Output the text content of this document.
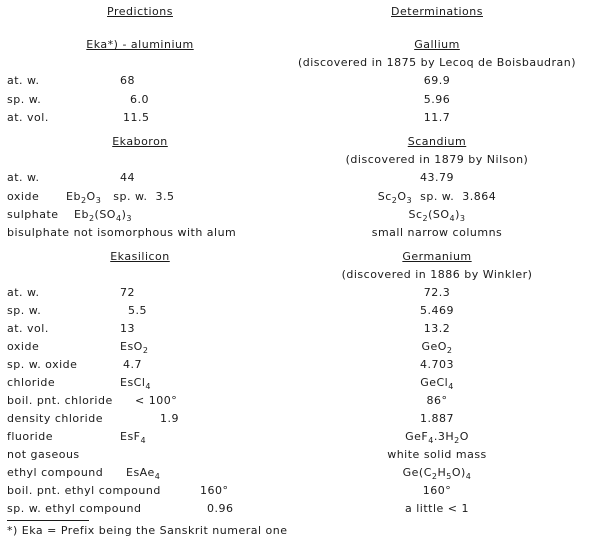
Predictions	Determinations
Eka*) - aluminium	Gallium
(discovered in 1875 by Lecoq de Boisbaudran)
at. w.	68	69.9
sp. w.	6.0	5.96
at. vol.	11.5	11.7
Ekaboron	Scandium
(discovered in 1879 by Nilson)
at. w.	44	43.79
oxide $Eb_2O_3$   sp. w.  3.5	$Sc_2O_3$  sp. w.  3.864
sulphate $Eb_2(SO_4)_3$	$Sc_2(SO_4)_3$
bisulphate not isomorphous with alum	small narrow columns
Ekasilicon	Germanium
(discovered in 1886 by Winkler)
at. w.	72	72.3
sp. w.	5.5	5.469
at. vol.	13	13.2
oxide	EsO$_2$	GeO$_2$
sp. w. oxide	4.7	4.703
chloride	EsCl$_4$	GeCl$_4$
boil. pnt. chloride < 100°	86°
density chloride	1.9	1.887
fluoride	EsF$_4$	$GeF_4.3H_2O$
not gaseous	white solid mass
ethyl compound EsAe$_4$	$Ge(C_2H_5O)_4$
boil. pnt. ethyl compound	160°	160°
sp. w. ethyl compound	0.96	a little < 1
*) Eka = Prefix being the Sanskrit numeral one
